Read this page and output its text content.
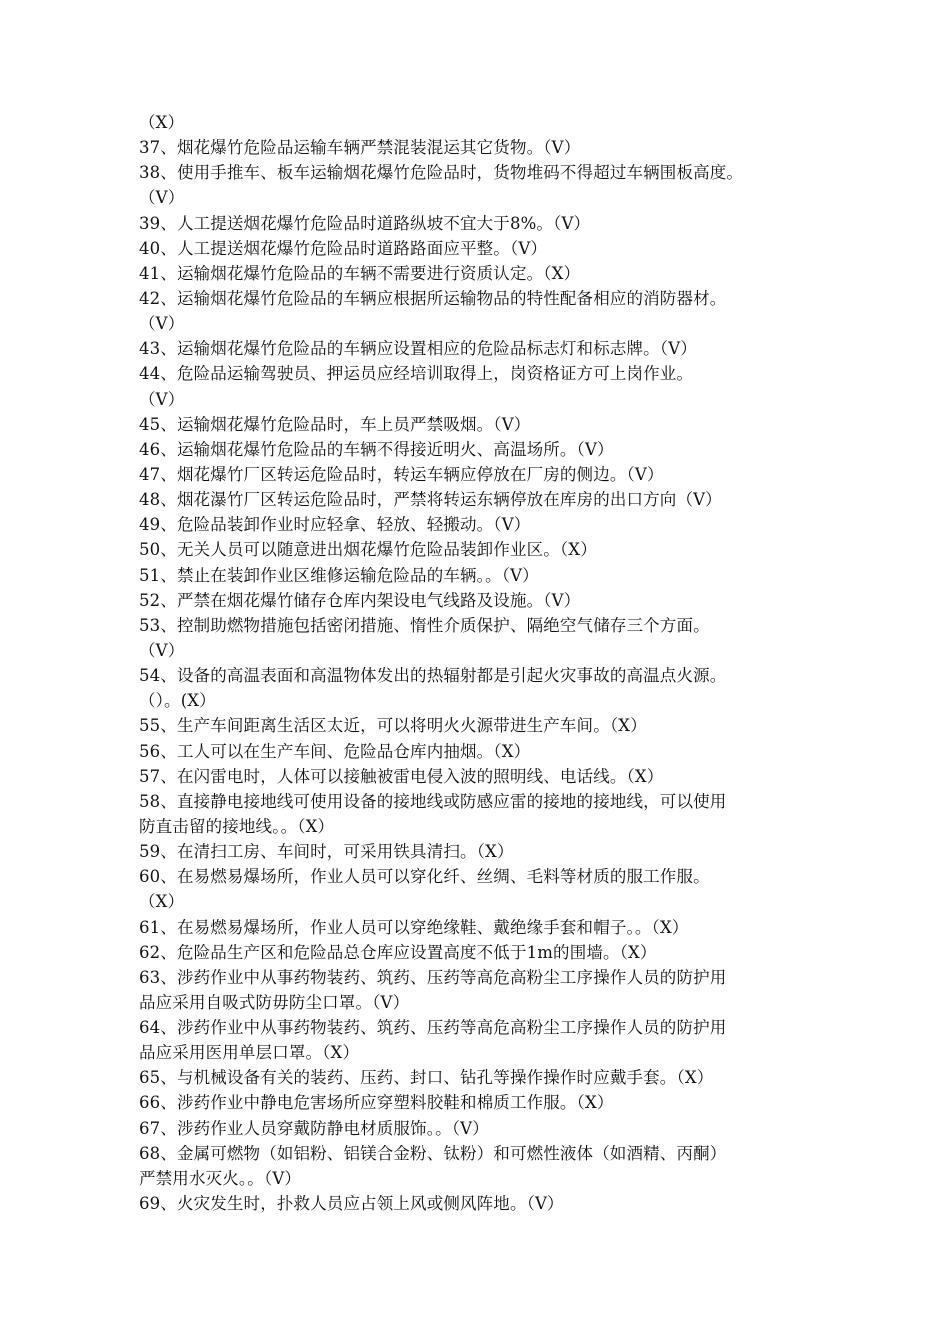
（X）
37、烟花爆竹危险品运输车辆严禁混装混运其它货物。（V）
38、使用手推车、板车运输烟花爆竹危险品时，货物堆码不得超过车辆围板高度。
（V）
39、人工提送烟花爆竹危险品时道路纵坡不宜大于8%。（V）
40、人工提送烟花爆竹危险品时道路路面应平整。（V）
41、运输烟花爆竹危险品的车辆不需要进行资质认定。（X）
42、运输烟花爆竹危险品的车辆应根据所运输物品的特性配备相应的消防器材。
（V）
43、运输烟花爆竹危险品的车辆应设置相应的危险品标志灯和标志牌。（V）
44、危险品运输驾驶员、押运员应经培训取得上，岗资格证方可上岗作业。
（V）
45、运输烟花爆竹危险品时，车上员严禁吸烟。（V）
46、运输烟花爆竹危险品的车辆不得接近明火、高温场所。（V）
47、烟花爆竹厂区转运危险品时，转运车辆应停放在厂房的侧边。（V）
48、烟花瀑竹厂区转运危险品时，严禁将转运东辆停放在库房的出口方向（V）
49、危险品装卸作业时应轻拿、轻放、轻搬动。（V）
50、无关人员可以随意进出烟花爆竹危险品装卸作业区。（X）
51、禁止在装卸作业区维修运输危险品的车辆。。（V）
52、严禁在烟花爆竹储存仓库内架设电气线路及设施。（V）
53、控制助燃物措施包括密闭措施、惰性介质保护、隔绝空气储存三个方面。
（V）
54、设备的高温表面和高温物体发出的热辐射都是引起火灾事故的高温点火源。
（）。(X）
55、生产车间距离生活区太近，可以将明火火源带进生产车间。（X）
56、工人可以在生产车间、危险品仓库内抽烟。（X）
57、在闪雷电时，人体可以接触被雷电侵入波的照明线、电话线。（X）
58、直接静电接地线可使用设备的接地线或防感应雷的接地的接地线，可以使用
防直击留的接地线。。（X）
59、在清扫工房、车间时，可采用铁具清扫。（X）
60、在易燃易爆场所，作业人员可以穿化纤、丝绸、毛料等材质的服工作服。
（X）
61、在易燃易爆场所，作业人员可以穿绝缘鞋、戴绝缘手套和帽子。。（X）
62、危险品生产区和危险品总仓库应设置高度不低于1m的围墙。（X）
63、涉药作业中从事药物装药、筑药、压药等高危高粉尘工序操作人员的防护用
品应采用自吸式防毋防尘口罩。（V）
64、涉药作业中从事药物装药、筑药、压药等高危高粉尘工序操作人员的防护用
品应采用医用单层口罩。（X）
65、与机械设备有关的装药、压药、封口、钻孔等操作操作时应戴手套。（X）
66、涉药作业中静电危害场所应穿塑料胶鞋和棉质工作服。（X）
67、涉药作业人员穿戴防静电材质服饰。。（V）
68、金属可燃物（如铝粉、铝镁合金粉、钛粉）和可燃性液体（如酒精、丙酮）
严禁用水灭火。。（V）
69、火灾发生时，扑救人员应占领上风或侧风阵地。（V）
